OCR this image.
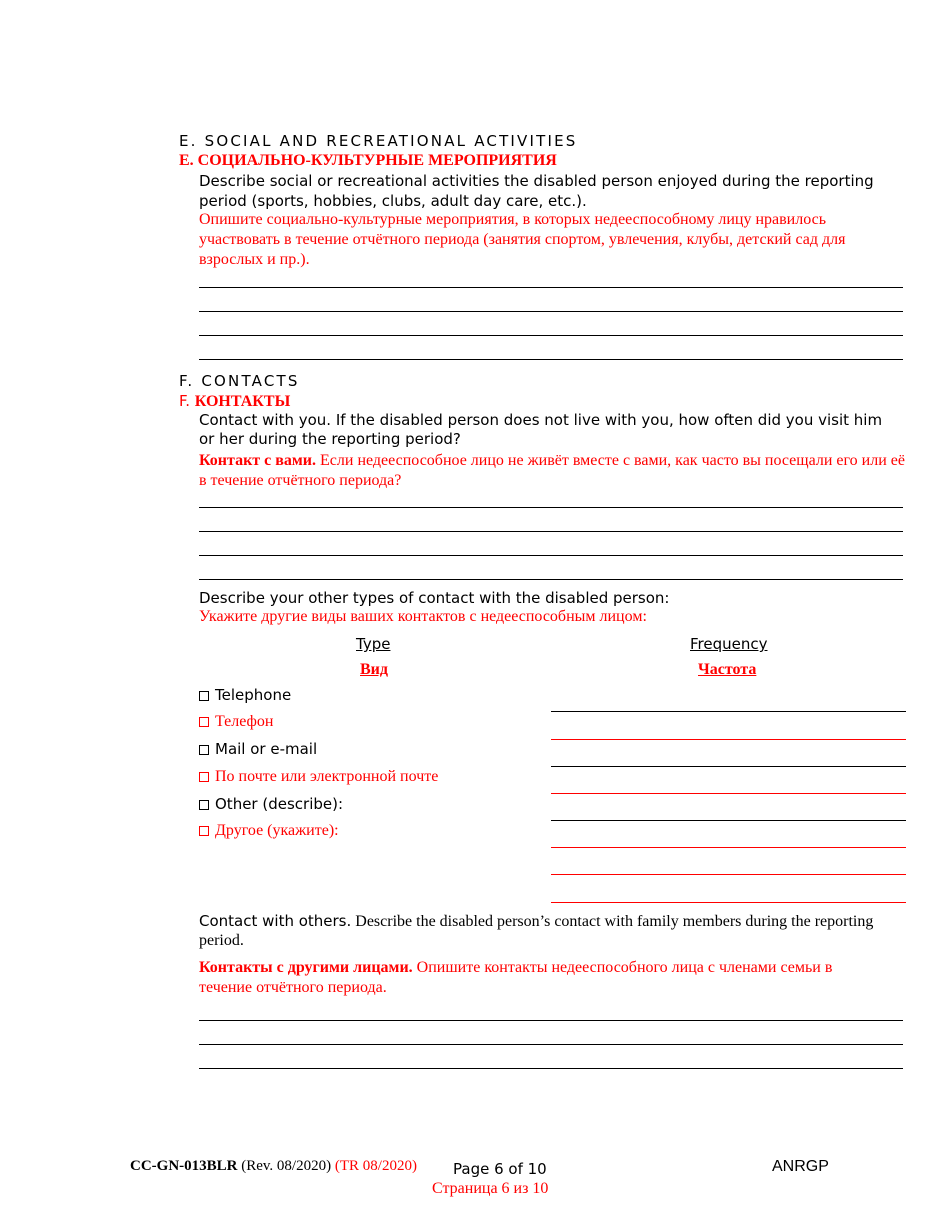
E. SOCIAL AND RECREATIONAL ACTIVITIES
E. СОЦИАЛЬНО-КУЛЬТУРНЫЕ МЕРОПРИЯТИЯ

Describe social or recreational activities the disabled person enjoyed during the reporting period (sports, hobbies, clubs, adult day care, etc.).

Опишите социально-культурные мероприятия, в которых недееспособному лицу нравилось участвовать в течение отчётного периода (занятия спортом, увлечения, клубы, детский сад для взрослых и пр.).

F. CONTACTS
F. КОНТАКТЫ

Contact with you. If the disabled person does not live with you, how often did you visit him or her during the reporting period?

Контакт с вами. Если недееспособное лицо не живёт вместе с вами, как часто вы посещали его или её в течение отчётного периода?

Describe your other types of contact with the disabled person:
Укажите другие виды ваших контактов с недееспособным лицом:
Type
Вид
Frequency
Частота
Telephone
Телефон
Mail or e-mail
По почте или электронной почте
Other (describe):
Другое (укажите):

Contact with others. Describe the disabled person’s contact with family members during the reporting period.

Контакты с другими лицами. Опишите контакты недееспособного лица с членами семьи в течение отчётного периода.

CC-GN-013BLR (Rev. 08/2020) (TR 08/2020) Page 6 of 10
Страница 6 из 10
ANRGP
